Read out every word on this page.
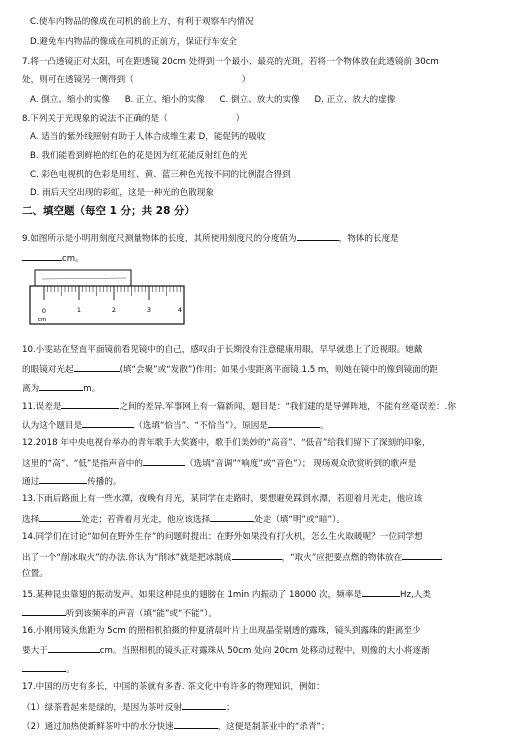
C.使车内物品的像成在司机的前上方，有利于观察车内情况
D.避免车内物品的像成在司机的正前方，保证行车安全
7.将一凸透镜正对太阳，可在距透镜 20cm 处得到一个最小、最亮的光斑，若将一个物体放在此透镜前 30cm
处，则可在透镜另一侧得到（	）
A. 倒立、缩小的实像 B. 正立、缩小的实像 C. 倒立、放大的实像 D. 正立、放大的虚像
8.下列关于光现象的说法不正确的是（	）
A. 适当的紫外线照射有助于人体合成维生素 D，能促钙的吸收
B. 我们能看到鲜艳的红色的花是因为红花能反射红色的光
C. 彩色电视机的色彩是用红、黄、蓝三种色光按不同的比例混合得到
D. 雨后天空出现的彩虹，这是一种光的色散现象
二、填空题（每空 1 分；共 28 分）
9.如图所示是小明用刻度尺测量物体的长度，其所使用刻度尺的分度值为	，物体的长度是
cm。
0
cm
1	2	3	4
10.小雯站在竖直平面镜前看见镜中的自己，感叹由于长期没有注意健康用眼，早早就患上了近视眼。她戴
的眼镜对光起	(填“会聚”或“发散”)作用；如果小雯距离平面镜 1.5 m，则她在镜中的像到镜面的距
离为	m。
11.误差是	之间的差异.军事网上有一篇新闻，题目是：“我们建的是导弹阵地，不能有丝毫误差：.你
认为这个题目是	（选填“恰当”、“不恰当”），原因是	。
12.2018 年中央电视台举办的青年歌手大奖赛中，歌手们美妙的“高音”、“低音”给我们留下了深刻的印象，
这里的“高”、“低”是指声音中的	（选填“音调”“响度”或“音色”）； 现场观众欣赏听到的歌声是
通过	传播的。
13.下雨后路面上有一些水潭，夜晚有月光，某同学在走路时，要想避免踩到水潭，若迎着月光走，他应该
选择	处走；若背着月光走，他应该选择	处走（填“明”或“暗”）。
14.同学们在讨论“如何在野外生存”的问题时提出：在野外如果没有打火机，怎么生火取暖呢？一位同学想
出了一个“削冰取火”的办法.你认为“削冰”就是把冰制成	，“取火”应把要点燃的物体放在
位置。
15.某种昆虫靠翅的振动发声。如果这种昆虫的翅膀在 1min 内振动了 18000 次，频率是	Hz,人类
听到该频率的声音（填“能”或“不能”）。
16.小刚用镜头焦距为 5cm 的照相机拍摄的仲夏清晨叶片上出现晶莹剔透的露珠，镜头到露珠的距离至少
要大于	cm。当照相机的镜头正对露珠从 50cm 处向 20cm 处移动过程中，则像的大小将逐渐
。
17.中国的历史有多长，中国的茶就有多香. 茶文化中有许多的物理知识，例如：
（1）绿茶看起来是绿的，是因为茶叶反射	；
（2）通过加热使新鲜茶叶中的水分快速	，这便是制茶业中的“杀青”；
